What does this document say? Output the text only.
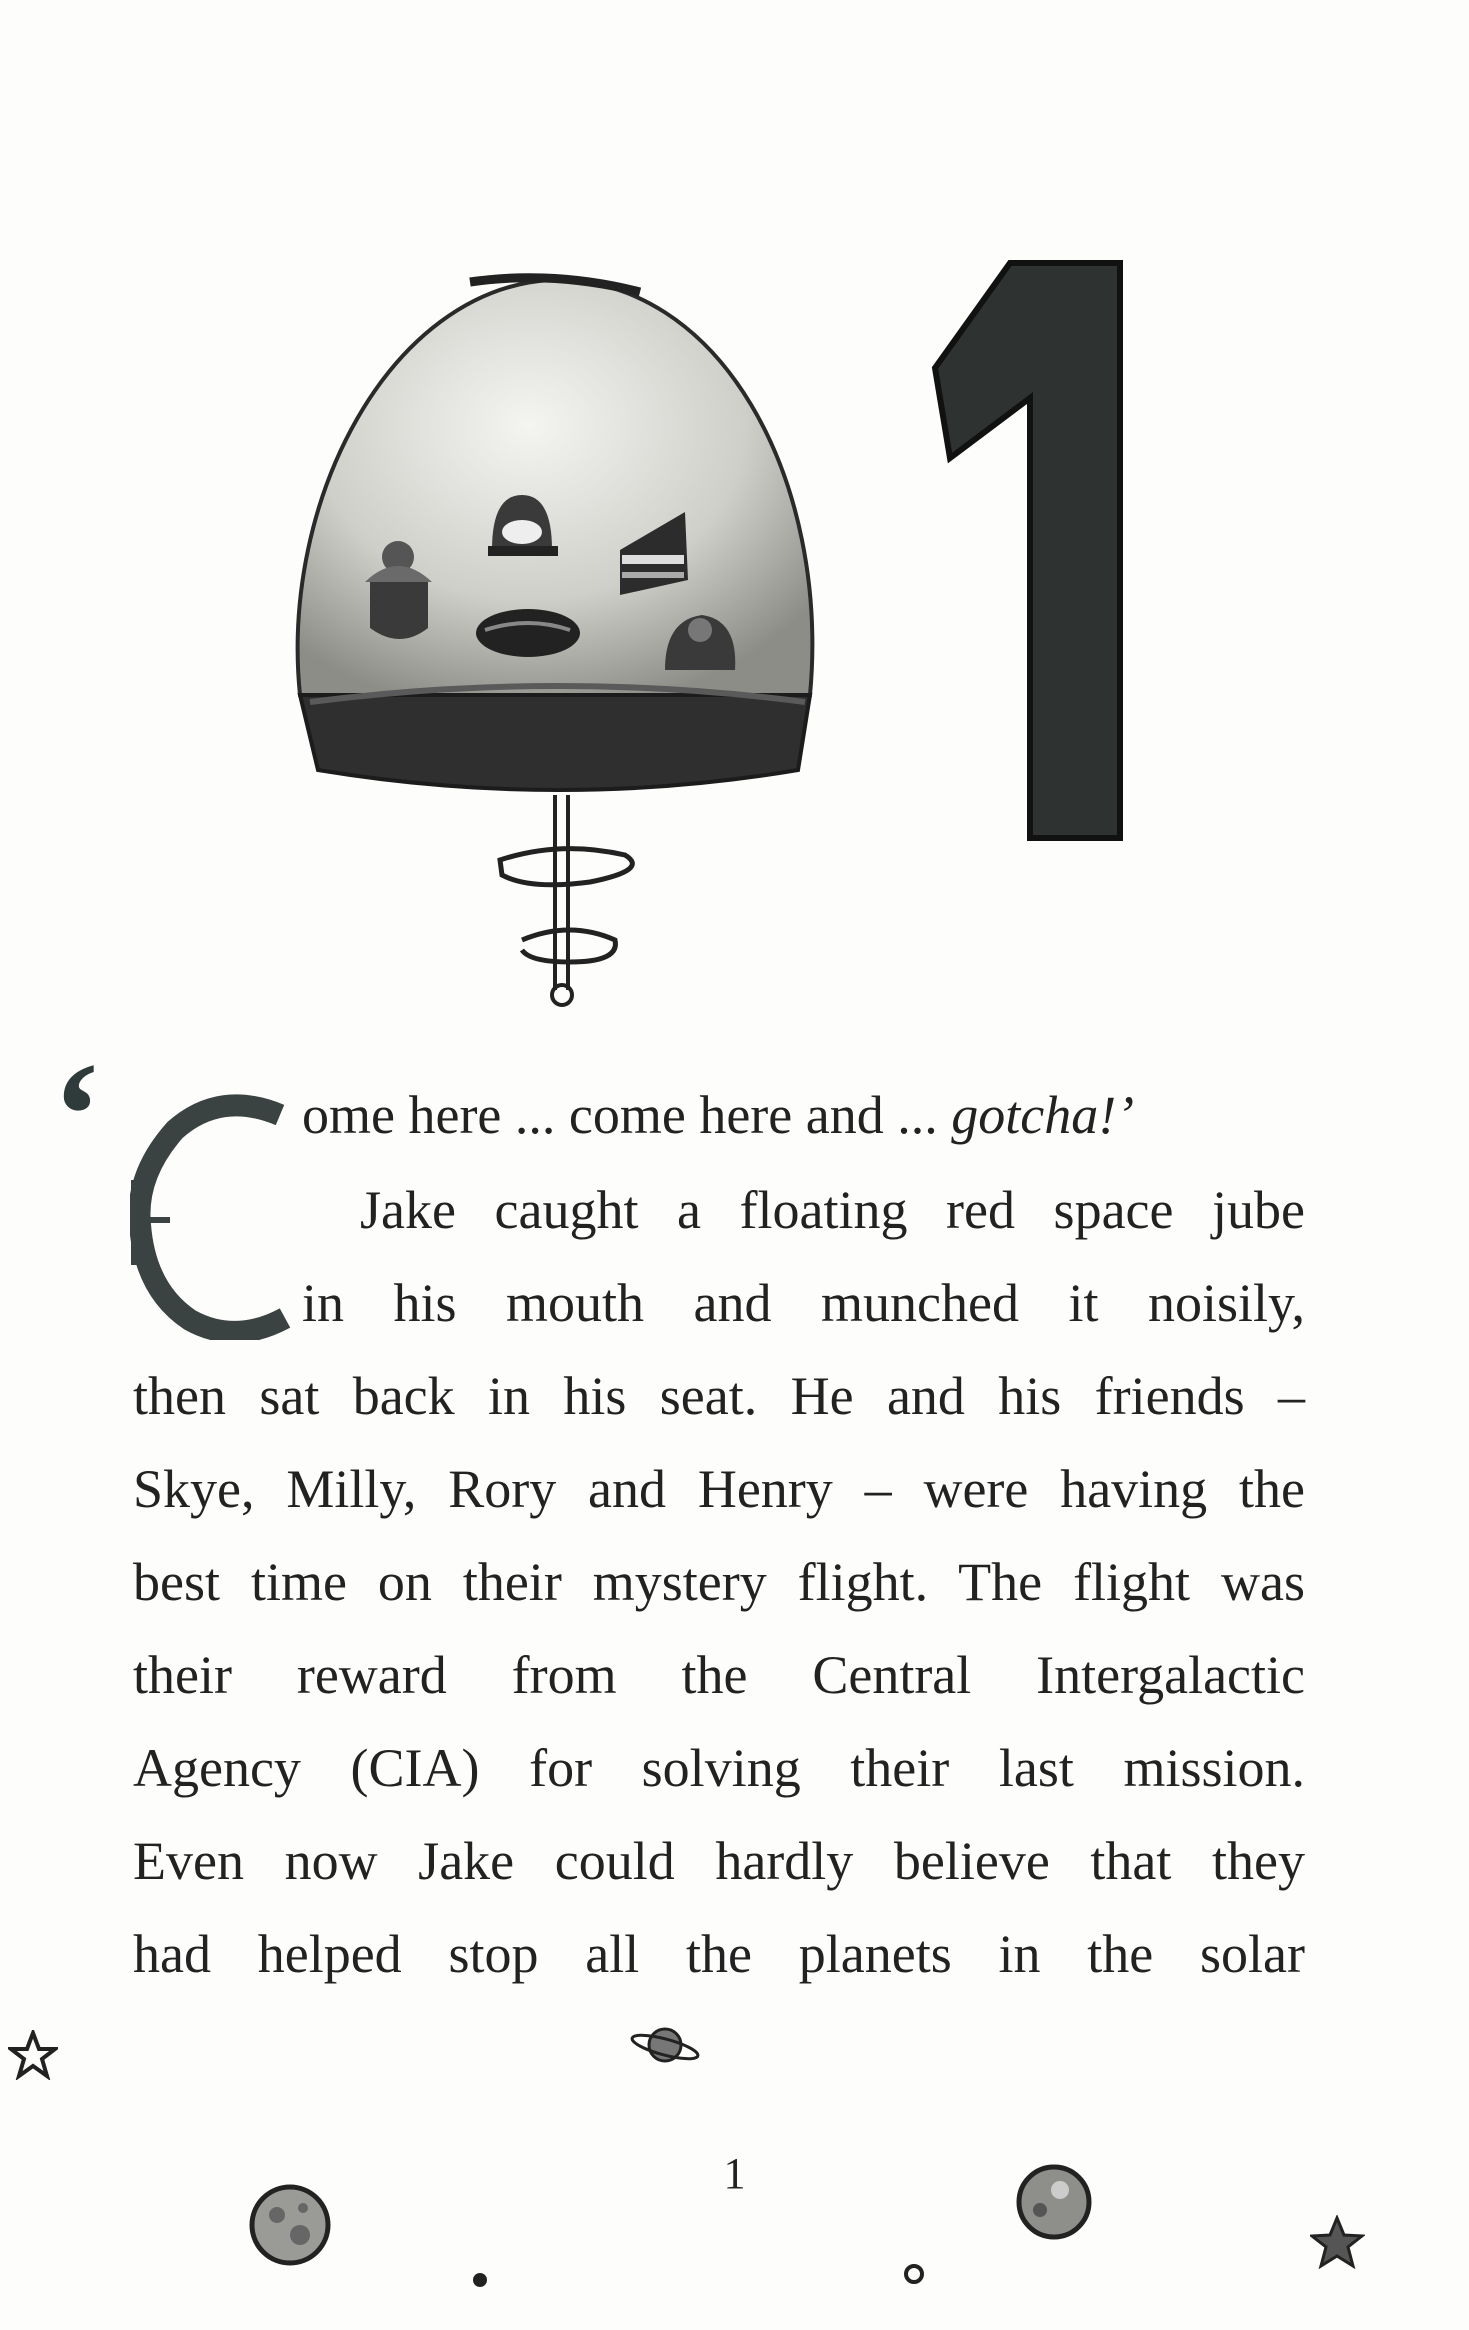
1
‘	C	ome here ... come here and ... gotcha!’
Jake caught a floating red space jube
in his mouth and munched it noisily,
then sat back in his seat. He and his friends –
Skye, Milly, Rory and Henry – were having the
best time on their mystery flight. The flight was
their reward from the Central Intergalactic
Agency (CIA) for solving their last mission.
Even now Jake could hardly believe that they
had helped stop all the planets in the solar
1
